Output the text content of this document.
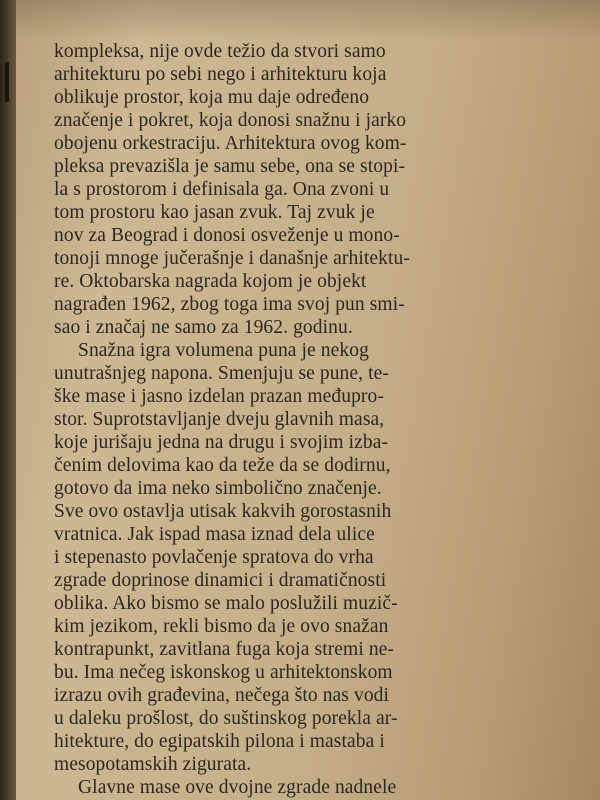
kompleksa, nije ovde težio da stvori samo
arhitekturu po sebi nego i arhitekturu koja
oblikuje prostor, koja mu daje određeno
značenje i pokret, koja donosi snažnu i jarko
obojenu orkestraciju. Arhitektura ovog kom-
pleksa prevazišla je samu sebe, ona se stopi-
la s prostorom i definisala ga. Ona zvoni u
tom prostoru kao jasan zvuk. Taj zvuk je
nov za Beograd i donosi osveženje u mono-
tonoji mnoge jučerašnje i današnje arhitektu-
re. Oktobarska nagrada kojom je objekt
nagrađen 1962, zbog toga ima svoj pun smi-
sao i značaj ne samo za 1962. godinu.
Snažna igra volumena puna je nekog
unutrašnjeg napona. Smenjuju se pune, te-
ške mase i jasno izdelan prazan međupro-
stor. Suprotstavljanje dveju glavnih masa,
koje jurišaju jedna na drugu i svojim izba-
čenim delovima kao da teže da se dodirnu,
gotovo da ima neko simbolično značenje.
Sve ovo ostavlja utisak kakvih gorostasnih
vratnica. Jak ispad masa iznad dela ulice
i stepenasto povlačenje spratova do vrha
zgrade doprinose dinamici i dramatičnosti
oblika. Ako bismo se malo poslužili muzič-
kim jezikom, rekli bismo da je ovo snažan
kontrapunkt, zavitlana fuga koja stremi ne-
bu. Ima nečeg iskonskog u arhitektonskom
izrazu ovih građevina, nečega što nas vodi
u daleku prošlost, do suštinskog porekla ar-
hitekture, do egipatskih pilona i mastaba i
mesopotamskih zigurata.
Glavne mase ove dvojne zgrade nadnele
